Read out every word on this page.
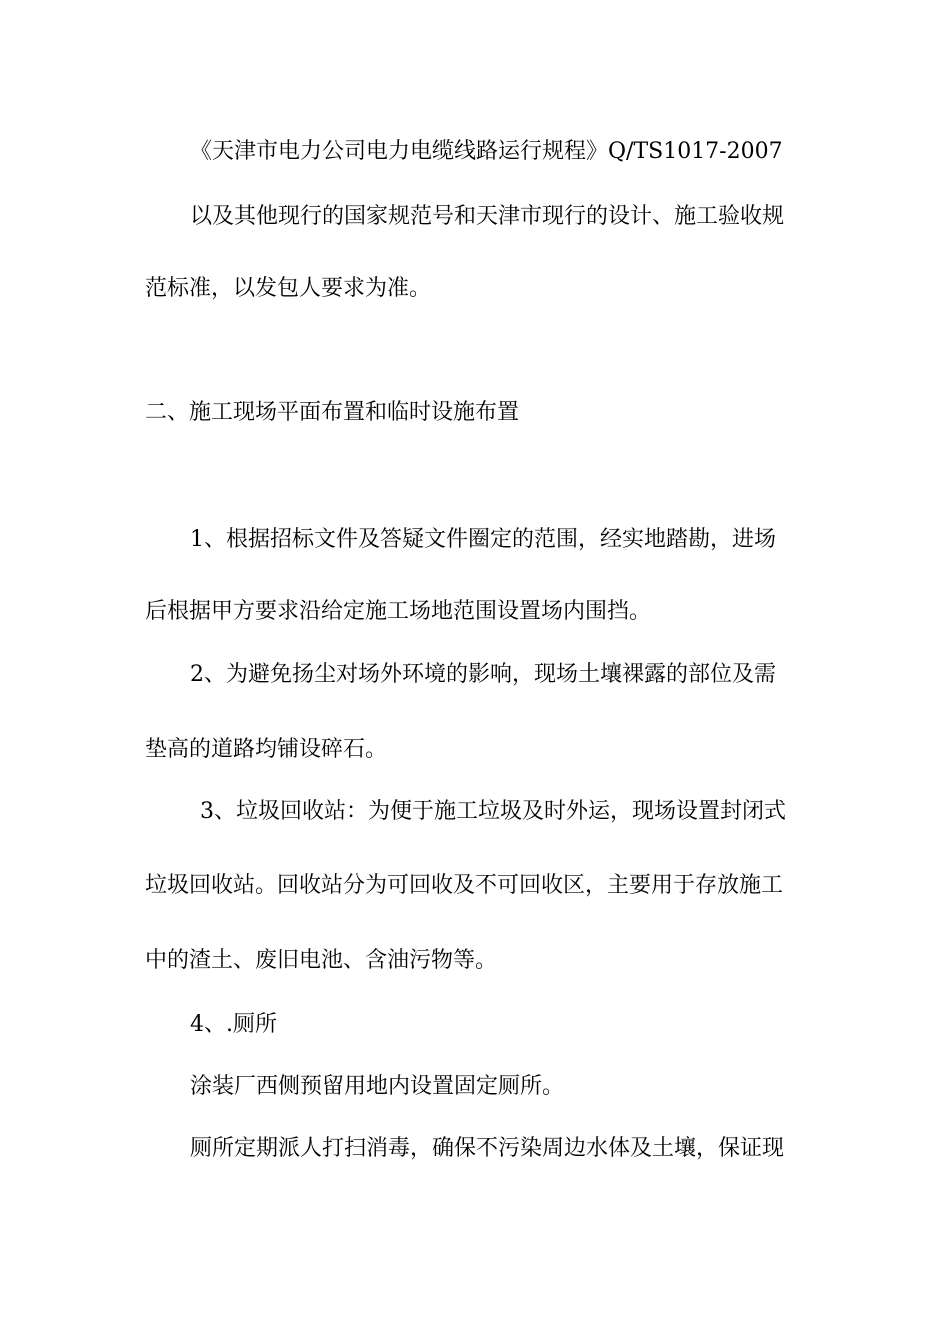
《天津市电力公司电力电缆线路运行规程》Q/TS1017-2007
以及其他现行的国家规范号和天津市现行的设计、施工验收规
范标准，以发包人要求为准。
二、施工现场平面布置和临时设施布置
1、根据招标文件及答疑文件圈定的范围，经实地踏勘，进场
后根据甲方要求沿给定施工场地范围设置场内围挡。
2、为避免扬尘对场外环境的影响，现场土壤裸露的部位及需
垫高的道路均铺设碎石。
3、垃圾回收站：为便于施工垃圾及时外运，现场设置封闭式
垃圾回收站。回收站分为可回收及不可回收区，主要用于存放施工
中的渣土、废旧电池、含油污物等。
4、.厕所
涂装厂西侧预留用地内设置固定厕所。
厕所定期派人打扫消毒，确保不污染周边水体及土壤，保证现
